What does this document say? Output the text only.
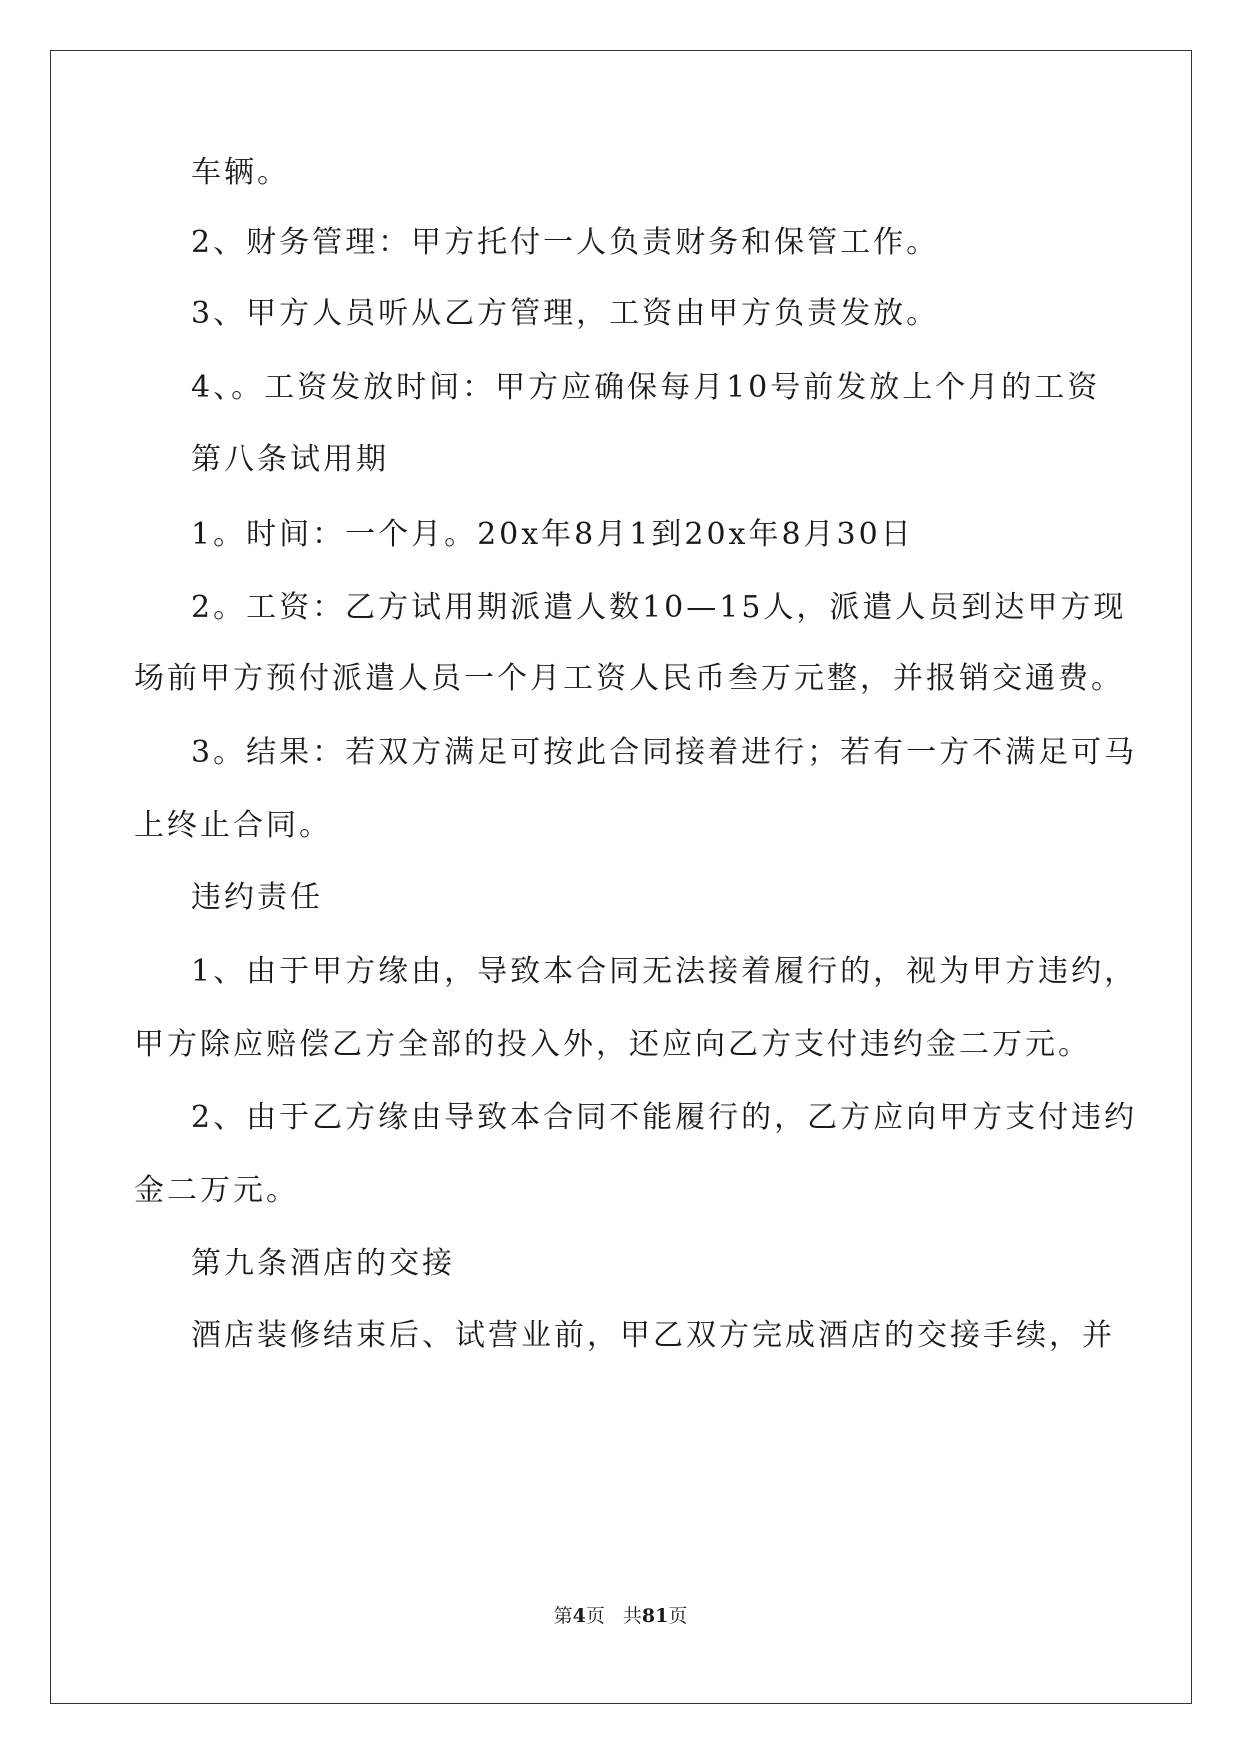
车辆。
2、财务管理：甲方托付一人负责财务和保管工作。
3、甲方人员听从乙方管理，工资由甲方负责发放。
4、。工资发放时间：甲方应确保每月10号前发放上个月的工资
第八条试用期
1。时间：一个月。20x年8月1到20x年8月30日
2。工资：乙方试用期派遣人数10—15人，派遣人员到达甲方现
场前甲方预付派遣人员一个月工资人民币叁万元整，并报销交通费。
3。结果：若双方满足可按此合同接着进行；若有一方不满足可马
上终止合同。
违约责任
1、由于甲方缘由，导致本合同无法接着履行的，视为甲方违约，
甲方除应赔偿乙方全部的投入外，还应向乙方支付违约金二万元。
2、由于乙方缘由导致本合同不能履行的，乙方应向甲方支付违约
金二万元。
第九条酒店的交接
酒店装修结束后、试营业前，甲乙双方完成酒店的交接手续，并
第4页 共81页
